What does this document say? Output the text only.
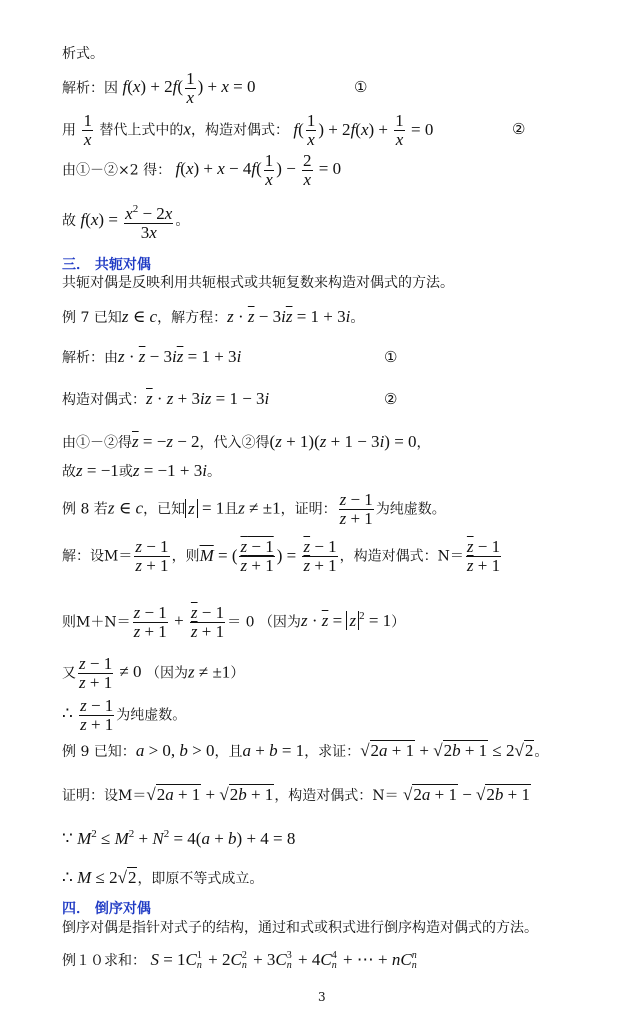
析式。
解析：因 $f(x) + 2f( \frac{1}{x}$ ) + x = 0	①
用 $\frac{1}{x}$ 替代上式中的x，构造对偶式： $f( \frac{1}{x}$ ) + $2f(x) + \frac{1}{x} = 0$	②
由①－②×2 得： $f(x) + x - 4f( \frac{1}{x}$ ) − $\frac{2}{x} = 0$
故 $f(x) = \frac{x^2 - 2x}{3x}$ 。
三． 共轭对偶
共轭对偶是反映利用共轭根式或共轭复数来构造对偶式的方法。
例 7 已知z ∈ c，解方程：$z \cdot \overline{z} - 3i\overline{z} = 1 + 3i$。
解析：由$z \cdot \overline{z} - 3i\overline{z} = 1 + 3i$	①
构造对偶式：$\overline{z} \cdot z + 3iz = 1 - 3i$	②
由①－②得$\overline{z} = -z - 2$，代入②得(z + 1)(z + 1 − 3i) = 0，
故z = −1或z = −1 + 3i。
例 8 若z ∈ c，已知 z = 1且z ≠ ±1，证明： $\frac{z - 1}{z + 1}$ 为纯虚数。
解：设$M= \frac{z - 1}{z + 1}$ ，则$\overline{M}$ = ( $\frac{z - 1}{z + 1}$ ) = $\frac{\overline{z} - 1}{\overline{z} + 1}$ ，构造对偶式：$N= \frac{\overline{z} - 1}{\overline{z} + 1}$
则$M+N= \frac{z - 1}{z + 1} + \frac{\overline{z} - 1}{\overline{z} + 1} = 0$ （因为$z \cdot \overline{z} = z$ $^2$ = 1）
又 $\frac{z - 1}{z + 1} \ne 0$ （因为z ≠ ±1）
∴ $\frac{z - 1}{z + 1}$ 为纯虚数。
例 9 已知：a > 0, b > 0，且a + b = 1，求证：√2a + 1 + √2b + 1 ≤ 2√2。
证明：设M＝√2a + 1 + √2b + 1，构造对偶式：N＝ √2a + 1 − √2b + 1
∵ $M^2 \le M^2 + N^2 = 4(a + b) + 4 = 8$
∴ M ≤ 2√2，即原不等式成立。
四． 倒序对偶
倒序对偶是指针对式子的结构，通过和式或积式进行倒序构造对偶式的方法。
例１０求和： S = 1C 1
n + 2C 2
n + 3C 3
n + 4C 4
n + ⋯ + nC n
n
3
